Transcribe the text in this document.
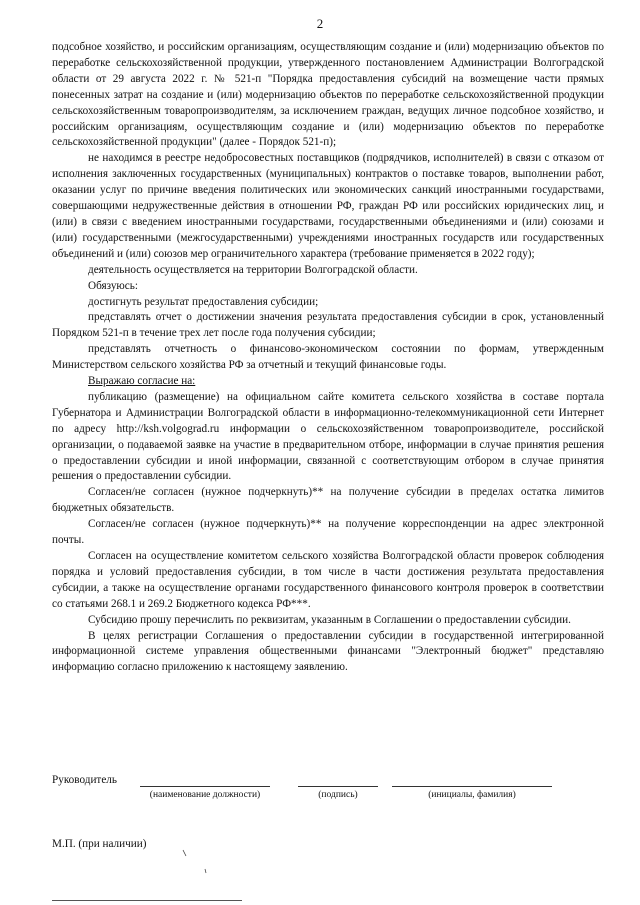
2

подсобное хозяйство, и российским организациям, осуществляющим создание и (или) модернизацию объектов по переработке сельскохозяйственной продукции, утвержденного постановлением Администрации Волгоградской области от 29 августа 2022 г. № 521-п "Порядка предоставления субсидий на возмещение части прямых понесенных затрат на создание и (или) модернизацию объектов по переработке сельскохозяйственной продукции сельскохозяйственным товаропроизводителям, за исключением граждан, ведущих личное подсобное хозяйство, и российским организациям, осуществляющим создание и (или) модернизацию объектов по переработке сельскохозяйственной продукции" (далее - Порядок 521-п);

не находимся в реестре недобросовестных поставщиков (подрядчиков, исполнителей) в связи с отказом от исполнения заключенных государственных (муниципальных) контрактов о поставке товаров, выполнении работ, оказании услуг по причине введения политических или экономических санкций иностранными государствами, совершающими недружественные действия в отношении РФ, граждан РФ или российских юридических лиц, и (или) в связи с введением иностранными государствами, государственными объединениями и (или) союзами и (или) государственными (межгосударственными) учреждениями иностранных государств или государственных объединений и (или) союзов мер ограничительного характера (требование применяется в 2022 году);

деятельность осуществляется на территории Волгоградской области.

Обязуюсь:

достигнуть результат предоставления субсидии;

представлять отчет о достижении значения результата предоставления субсидии в срок, установленный Порядком 521-п в течение трех лет после года получения субсидии;

представлять отчетность о финансово-экономическом состоянии по формам, утвержденным Министерством сельского хозяйства РФ за отчетный и текущий финансовые годы.

Выражаю согласие на:

публикацию (размещение) на официальном сайте комитета сельского хозяйства в составе портала Губернатора и Администрации Волгоградской области в информационно-телекоммуникационной сети Интернет по адресу http://ksh.volgograd.ru информации о сельскохозяйственном товаропроизводителе, российской организации, о подаваемой заявке на участие в предварительном отборе, информации в случае принятия решения о предоставлении субсидии и иной информации, связанной с соответствующим отбором в случае принятия решения о предоставлении субсидии.

Согласен/не согласен (нужное подчеркнуть)** на получение субсидии в пределах остатка лимитов бюджетных обязательств.

Согласен/не согласен (нужное подчеркнуть)** на получение корреспонденции на адрес электронной почты.

Согласен на осуществление комитетом сельского хозяйства Волгоградской области проверок соблюдения порядка и условий предоставления субсидии, в том числе в части достижения результата предоставления субсидии, а также на осуществление органами государственного финансового контроля проверок в соответствии со статьями 268.1 и 269.2 Бюджетного кодекса РФ***.

Субсидию прошу перечислить по реквизитам, указанным в Соглашении о предоставлении субсидии.

В целях регистрации Соглашения о предоставлении субсидии в государственной интегрированной информационной системе управления общественными финансами "Электронный бюджет" представляю информацию согласно приложению к настоящему заявлению.

Руководитель
(наименование должности)	(подпись)	(инициалы, фамилия)
М.П. (при наличии)
